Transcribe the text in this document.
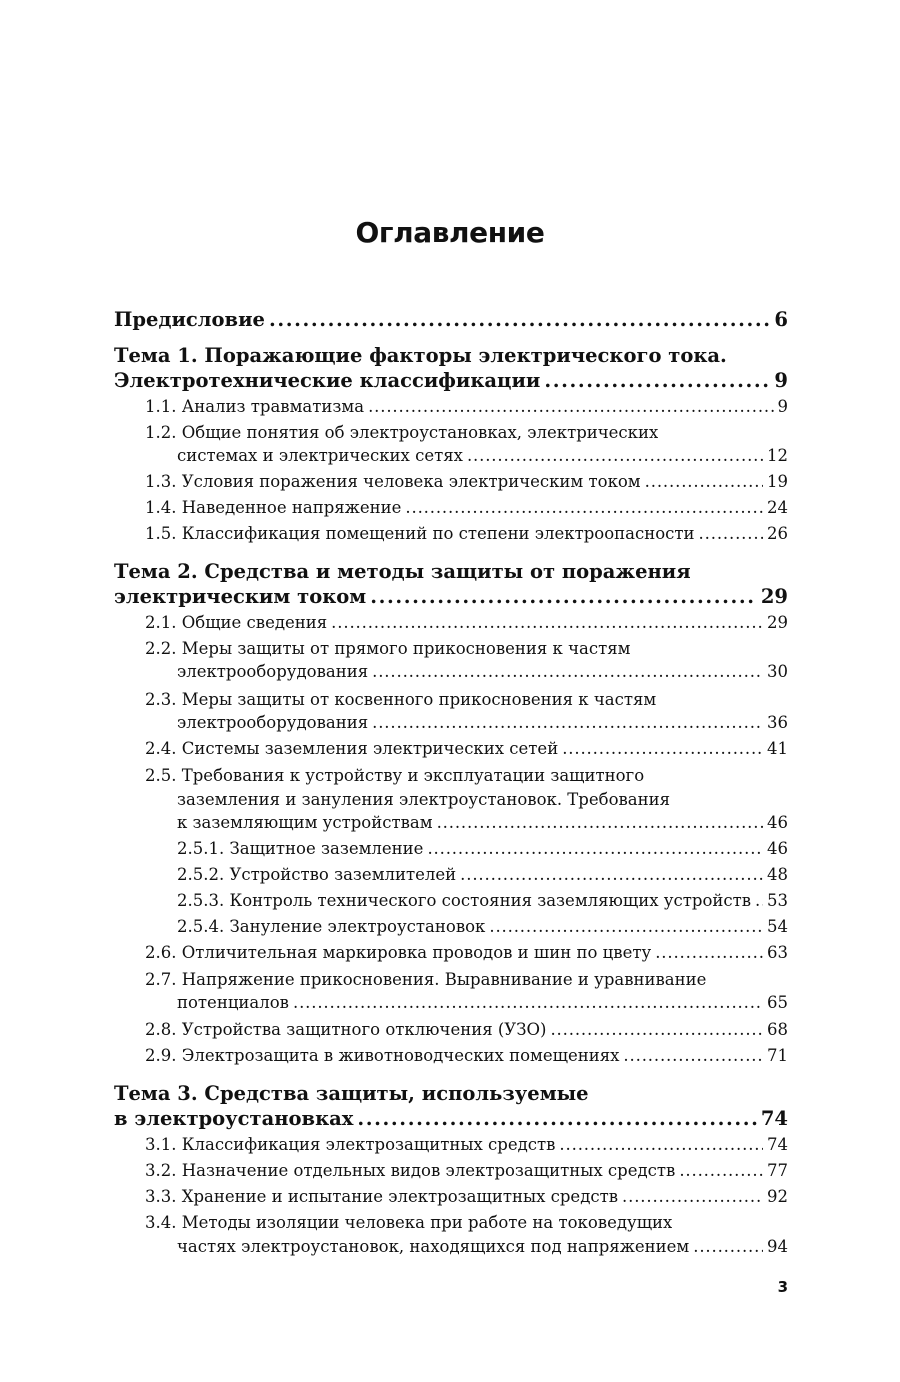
Оглавление
Предисловие . . .	6
Тема 1. Поражающие факторы электрического тока.
Электротехнические классификации . . .	9
1.1. Анализ травматизма . . .	9
1.2. Общие понятия об электроустановках, электрических
системах и электрических сетях . . .	12
1.3. Условия поражения человека электрическим током . . .	19
1.4. Наведенное напряжение . . .	24
1.5. Классификация помещений по степени электроопасности . . .	26
Тема 2. Средства и методы защиты от поражения
электрическим током . . .	29
2.1. Общие сведения . . .	29
2.2. Меры защиты от прямого прикосновения к частям
электрооборудования . . .	30
2.3. Меры защиты от косвенного прикосновения к частям
электрооборудования . . .	36
2.4. Системы заземления электрических сетей . . .	41
2.5. Требования к устройству и эксплуатации защитного
заземления и зануления электроустановок. Требования
к заземляющим устройствам . . .	46
2.5.1. Защитное заземление . . .	46
2.5.2. Устройство заземлителей . . .	48
2.5.3. Контроль технического состояния заземляющих устройств . . . 53
2.5.4. Зануление электроустановок . . .	54
2.6. Отличительная маркировка проводов и шин по цвету . . .	63
2.7. Напряжение прикосновения. Выравнивание и уравнивание
потенциалов . . .	65
2.8. Устройства защитного отключения (УЗО) . . .	68
2.9. Электрозащита в животноводческих помещениях . . .	71
Тема 3. Средства защиты, используемые
в электроустановках . . .	74
3.1. Классификация электрозащитных средств . . .	74
3.2. Назначение отдельных видов электрозащитных средств . . .	77
3.3. Хранение и испытание электрозащитных средств . . .	92
3.4. Методы изоляции человека при работе на токоведущих
частях электроустановок, находящихся под напряжением . . .	94
3
